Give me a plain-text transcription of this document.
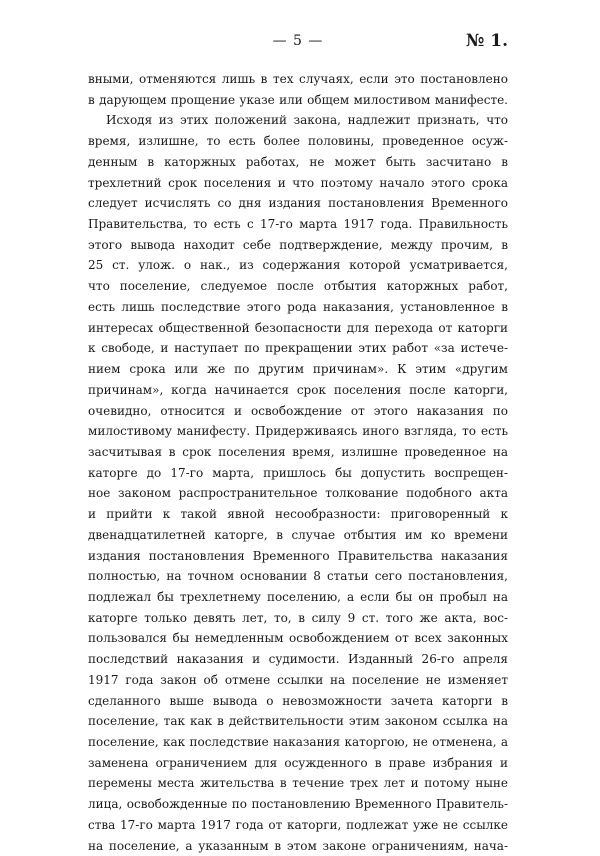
— 5 —	№ 1.
вными, отменяются лишь в тех случаях, если это постановлено
в дарующем прощение указе или общем милостивом манифесте.
Исходя из этих положений закона, надлежит признать, что
время, излишне, то есть более половины, проведенное осуж-
денным в каторжных работах, не может быть засчитано в
трехлетний срок поселения и что поэтому начало этого срока
следует исчислять со дня издания постановления Временного
Правительства, то есть с 17-го марта 1917 года. Правильность
этого вывода находит себе подтверждение, между прочим, в
25 ст. улож. о нак., из содержания которой усматривается,
что поселение, следуемое после отбытия каторжных работ,
есть лишь последствие этого рода наказания, установленное в
интересах общественной безопасности для перехода от каторги
к свободе, и наступает по прекращении этих работ «за истече-
нием срока или же по другим причинам». К этим «другим
причинам», когда начинается срок поселения после каторги,
очевидно, относится и освобождение от этого наказания по
милостивому манифесту. Придерживаясь иного взгляда, то есть
засчитывая в срок поселения время, излишне проведенное на
каторге до 17-го марта, пришлось бы допустить воспрещен-
ное законом распространительное толкование подобного акта
и прийти к такой явной несообразности: приговоренный к
двенадцатилетней каторге, в случае отбытия им ко времени
издания постановления Временного Правительства наказания
полностью, на точном основании 8 статьи сего постановления,
подлежал бы трехлетнему поселению, а если бы он пробыл на
каторге только девять лет, то, в силу 9 ст. того же акта, вос-
пользовался бы немедленным освобождением от всех законных
последствий наказания и судимости. Изданный 26-го апреля
1917 года закон об отмене ссылки на поселение не изменяет
сделанного выше вывода о невозможности зачета каторги в
поселение, так как в действительности этим законом ссылка на
поселение, как последствие наказания каторгою, не отменена, а
заменена ограничением для осужденного в праве избрания и
перемены места жительства в течение трех лет и потому ныне
лица, освобожденные по постановлению Временного Правитель-
ства 17-го марта 1917 года от каторги, подлежат уже не ссылке
на поселение, а указанным в этом законе ограничениям, нача-
